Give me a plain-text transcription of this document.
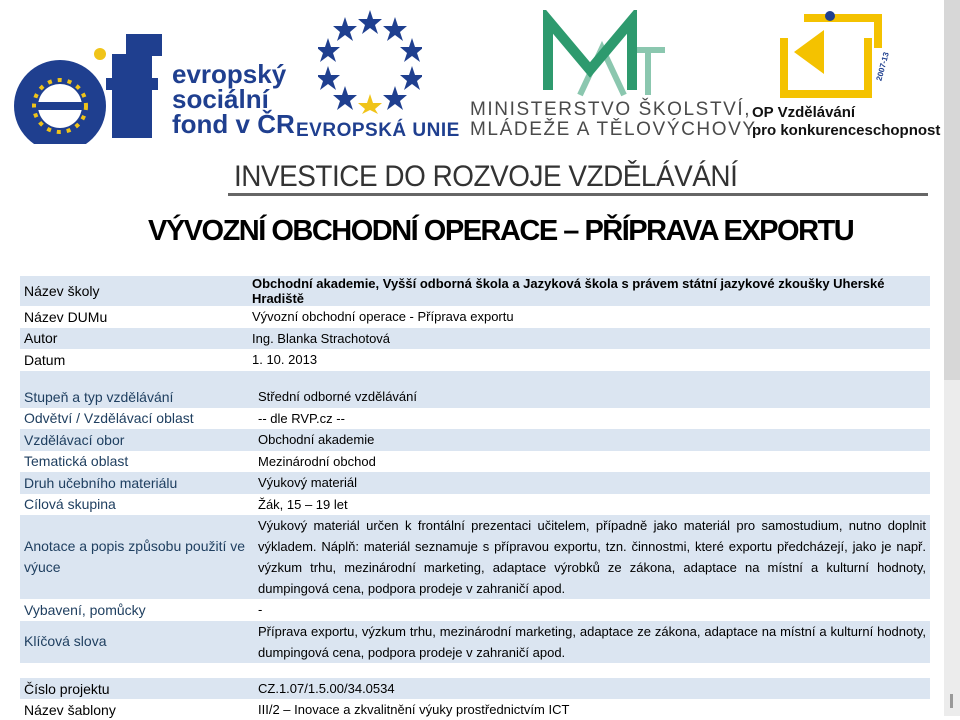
evropský
sociální
fond v ČR EVROPSKÁ UNIE
MINISTERSTVO ŠKOLSTVÍ,
MLÁDEŽE A TĚLOVÝCHOVY
2007-13
OP Vzdělávání
pro konkurenceschopnost
INVESTICE DO ROZVOJE VZDĚLÁVÁNÍ
VÝVOZNÍ OBCHODNÍ OPERACE – PŘÍPRAVA EXPORTU
Název školy	Obchodní akademie, Vyšší odborná škola a Jazyková škola s právem státní jazykové zkoušky Uherské Hradiště
Název DUMu	Vývozní obchodní operace - Příprava exportu
Autor	Ing. Blanka Strachotová
Datum	1. 10. 2013

Stupeň a typ vzdělávání	Střední odborné vzdělávání
Odvětví / Vzdělávací oblast	-- dle RVP.cz --
Vzdělávací obor	Obchodní akademie
Tematická oblast	Mezinárodní obchod
Druh učebního materiálu	Výukový materiál
Cílová skupina	Žák, 15 – 19 let
Anotace a popis způsobu použití ve výuce	Výukový materiál určen k frontální prezentaci učitelem, případně jako materiál pro samostudium, nutno doplnit výkladem. Náplň: materiál seznamuje s přípravou exportu, tzn. činnostmi, které exportu předcházejí, jako je např. výzkum trhu, mezinárodní marketing, adaptace výrobků ze zákona, adaptace na místní a kulturní hodnoty, dumpingová cena, podpora prodeje v zahraničí apod.
Vybavení, pomůcky	-
Klíčová slova	Příprava exportu, výzkum trhu, mezinárodní marketing, adaptace ze zákona, adaptace na místní a kulturní hodnoty, dumpingová cena, podpora prodeje v zahraničí apod.

Číslo projektu	CZ.1.07/1.5.00/34.0534
Název šablony	III/2 – Inovace a zkvalitnění výuky prostřednictvím ICT
